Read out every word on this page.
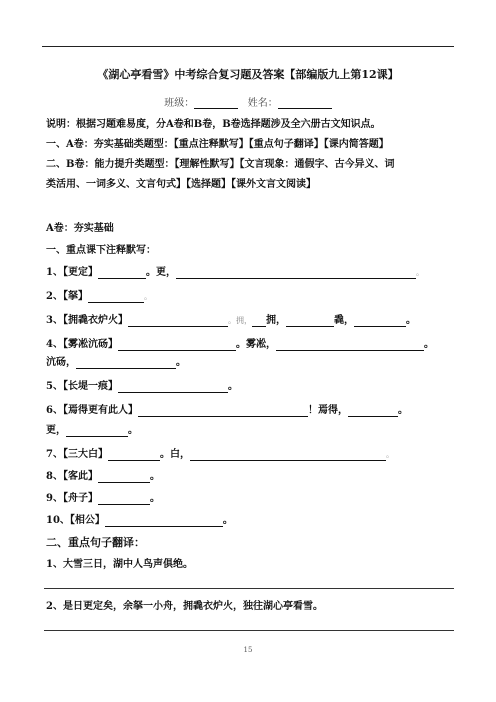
《湖心亭看雪》中考综合复习题及答案【部编版九上第12课】
班级：	姓名：
说明：根据习题难易度，分A卷和B卷，B卷选择题涉及全六册古文知识点。
一、A卷：夯实基础类题型：【重点注释默写】【重点句子翻译】【课内简答题】
二、B卷：能力提升类题型：【理解性默写】【文言现象：通假字、古今异义、词
类活用、一词多义、文言句式】【选择题】【课外文言文阅读】
A卷：夯实基础
一、重点课下注释默写：
1、【更定】	。更，	。
2、【拏】	。
3、【拥毳衣炉火】	。拥， 拥，	毳，	。
4、【雾凇沆砀】	。雾凇，	。
沆砀，	。
5、【长堤一痕】	。
6、【焉得更有此人】	！焉得，	。
更，	。
7、【三大白】	。白，	。
8、【客此】	。
9、【舟子】	。
10、【相公】	。
二、重点句子翻译：
1、大雪三日，湖中人鸟声俱绝。
2、是日更定矣，余拏一小舟，拥毳衣炉火，独往湖心亭看雪。
15
